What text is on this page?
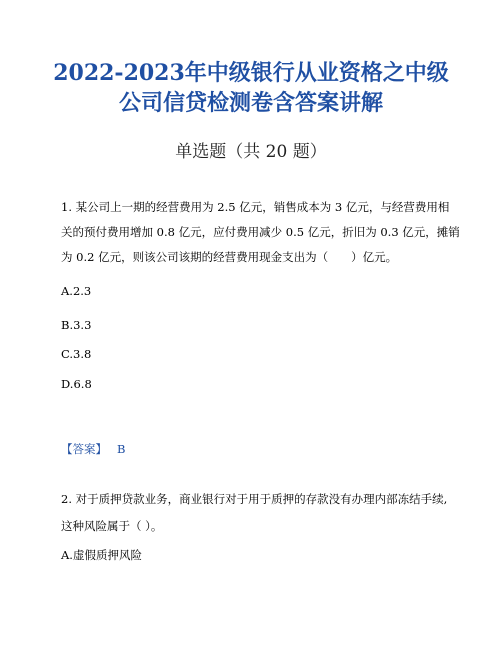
2022-2023年中级银行从业资格之中级
公司信贷检测卷含答案讲解
单选题（共 20 题）

1. 某公司上一期的经营费用为 2.5 亿元，销售成本为 3 亿元，与经营费用相

关的预付费用增加 0.8 亿元，应付费用减少 0.5 亿元，折旧为 0.3 亿元，摊销

为 0.2 亿元，则该公司该期的经营费用现金支出为（　　）亿元。

A.2.3

B.3.3

C.3.8

D.6.8

【答案】 B

2. 对于质押贷款业务，商业银行对于用于质押的存款没有办理内部冻结手续,

这种风险属于（ ）。

A.虚假质押风险
